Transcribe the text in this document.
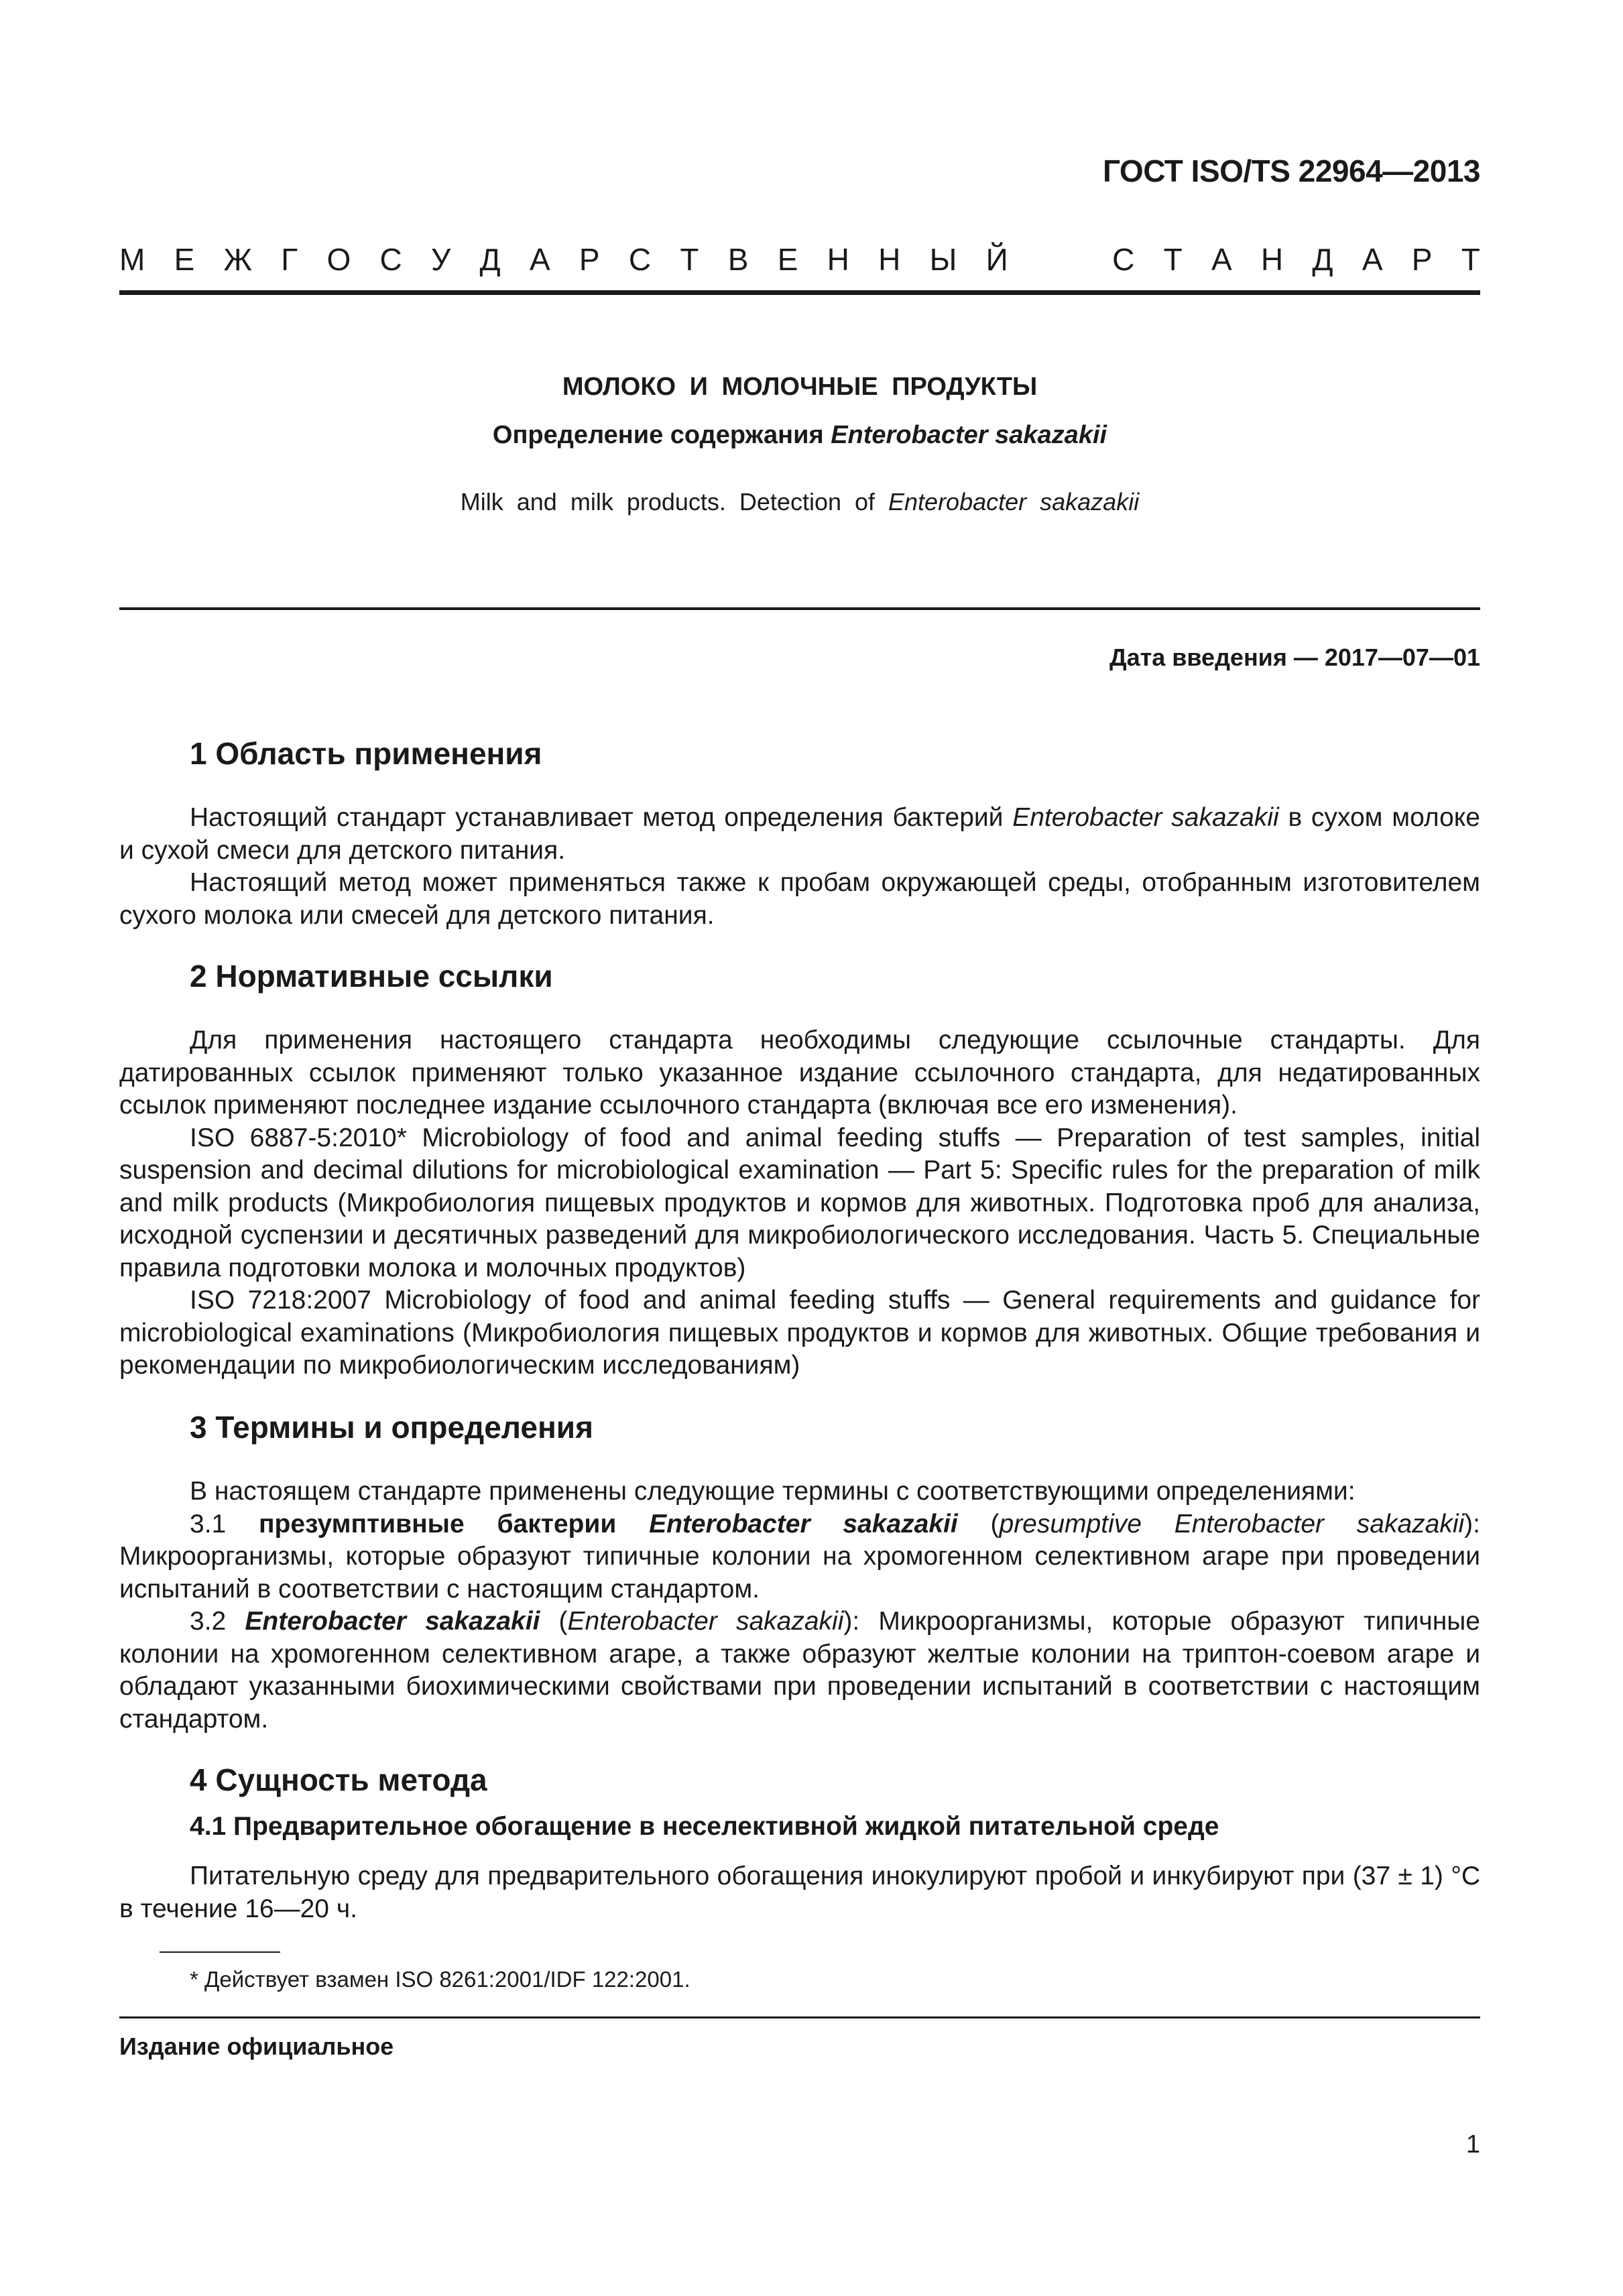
ГОСТ ISO/TS 22964—2013
М Е Ж Г О С У Д А Р С Т В Е Н Н Ы Й

	С Т А Н Д А Р Т
МОЛОКО И МОЛОЧНЫЕ ПРОДУКТЫ
Определение содержания Enterobacter sakazakii
Milk and milk products. Detection of Enterobacter sakazakii
Дата введения — 2017—07—01
1 Область применения

Настоящий стандарт устанавливает метод определения бактерий Enterobacter sakazakii в сухом молоке и сухой смеси для детского питания.

Настоящий метод может применяться также к пробам окружающей среды, отобранным изготовителем сухого молока или смесей для детского питания.

2 Нормативные ссылки

Для применения настоящего стандарта необходимы следующие ссылочные стандарты. Для датированных ссылок применяют только указанное издание ссылочного стандарта, для недатированных ссылок применяют последнее издание ссылочного стандарта (включая все его изменения).

ISO 6887-5:2010* Microbiology of food and animal feeding stuffs — Preparation of test samples, initial suspension and decimal dilutions for microbiological examination — Part 5: Specific rules for the preparation of milk and milk products (Микробиология пищевых продуктов и кормов для животных. Подготовка проб для анализа, исходной суспензии и десятичных разведений для микробиологического исследования. Часть 5. Специальные правила подготовки молока и молочных продуктов)

ISO 7218:2007 Microbiology of food and animal feeding stuffs — General requirements and guidance for microbiological examinations (Микробиология пищевых продуктов и кормов для животных. Общие требования и рекомендации по микробиологическим исследованиям)

3 Термины и определения

В настоящем стандарте применены следующие термины с соответствующими определениями:

3.1 презумптивные бактерии Enterobacter sakazakii (presumptive Enterobacter sakazakii): Микроорганизмы, которые образуют типичные колонии на хромогенном селективном агаре при проведении испытаний в соответствии с настоящим стандартом.

3.2 Enterobacter sakazakii (Enterobacter sakazakii): Микроорганизмы, которые образуют типичные колонии на хромогенном селективном агаре, а также образуют желтые колонии на триптон-соевом агаре и обладают указанными биохимическими свойствами при проведении испытаний в соответствии с настоящим стандартом.

4 Сущность метода
4.1 Предварительное обогащение в неселективной жидкой питательной среде

Питательную среду для предварительного обогащения инокулируют пробой и инкубируют при (37 ± 1) °С в течение 16—20 ч.

* Действует взамен ISO 8261:2001/IDF 122:2001.
Издание официальное
1
